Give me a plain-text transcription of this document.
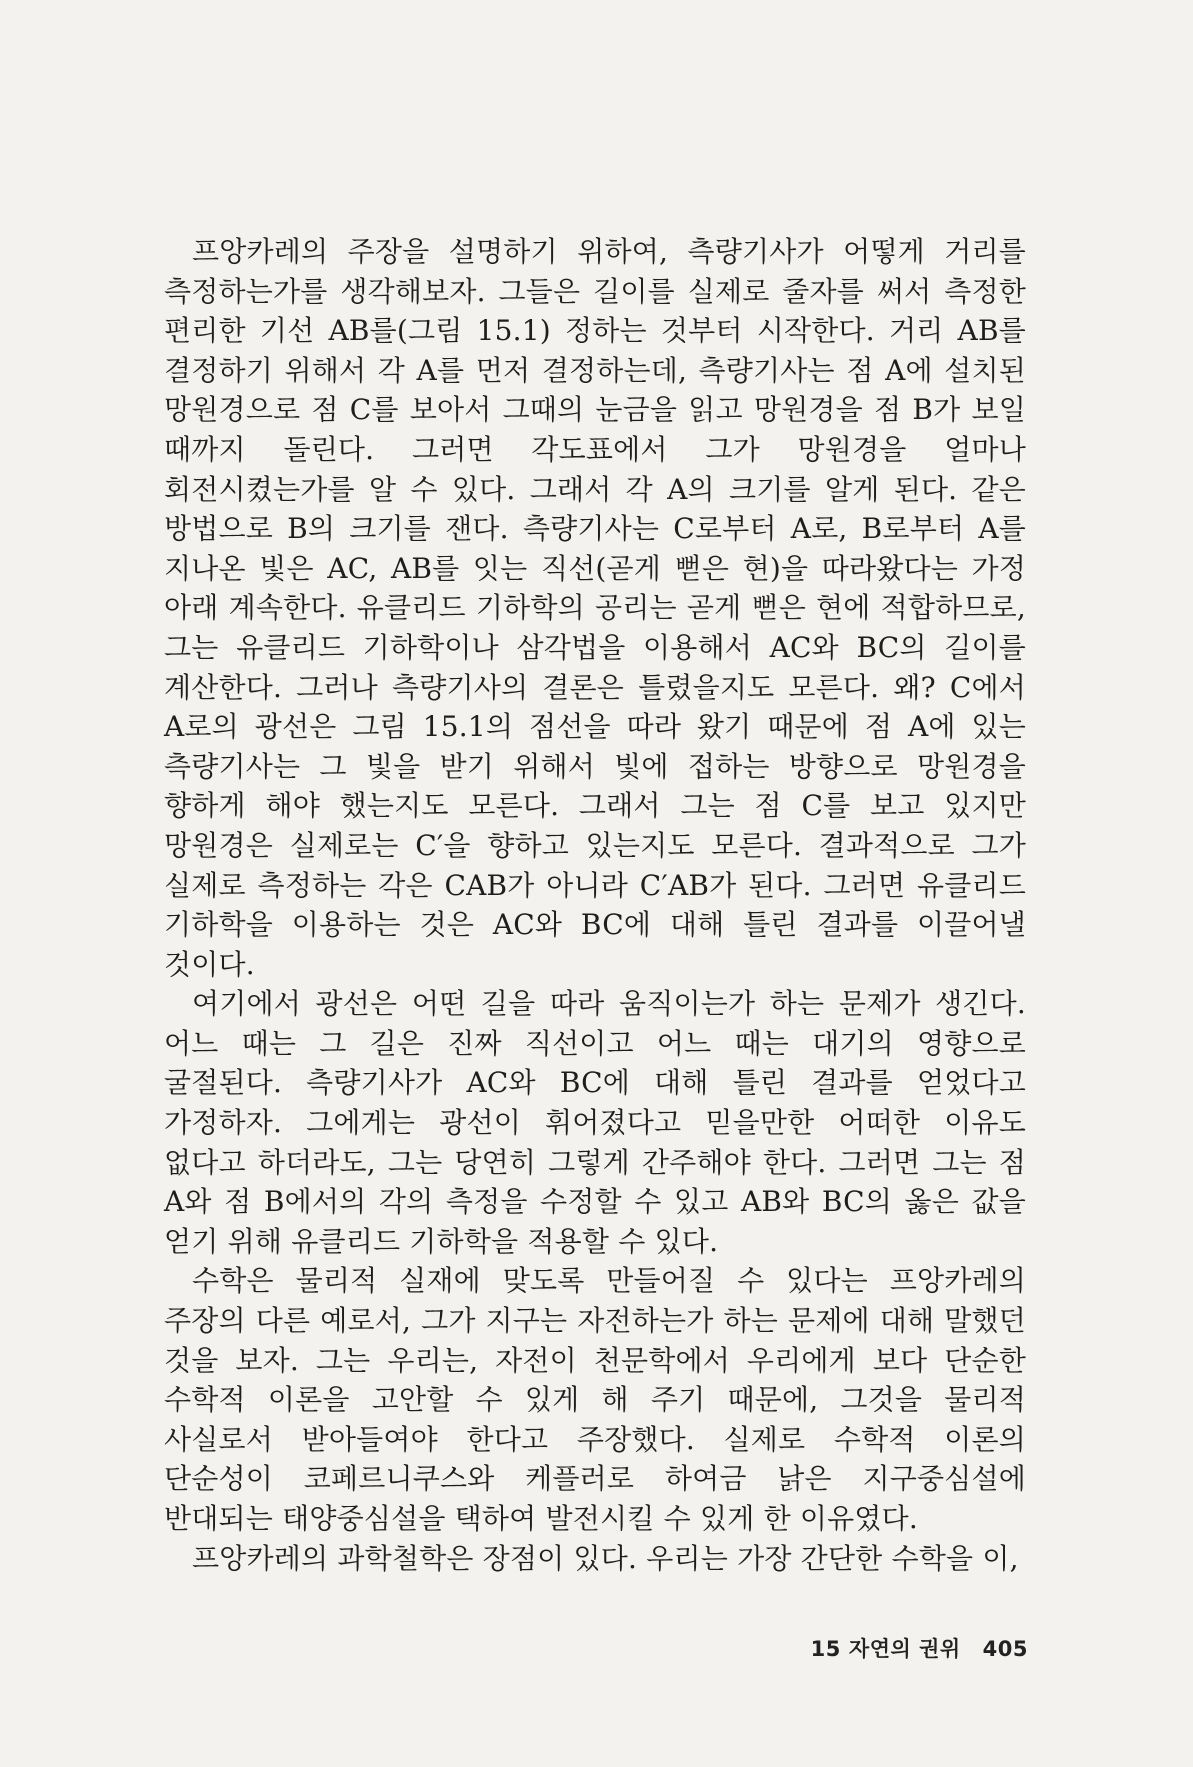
프앙카레의 주장을 설명하기 위하여, 측량기사가 어떻게 거리를 측정하는가를 생각해보자. 그들은 길이를 실제로 줄자를 써서 측정한 편리한 기선 AB를(그림 15.1) 정하는 것부터 시작한다. 거리 AB를 결정하기 위해서 각 A를 먼저 결정하는데, 측량기사는 점 A에 설치된 망원경으로 점 C를 보아서 그때의 눈금을 읽고 망원경을 점 B가 보일 때까지 돌린다. 그러면 각도표에서 그가 망원경을 얼마나 회전시켰는가를 알 수 있다. 그래서 각 A의 크기를 알게 된다. 같은 방법으로 B의 크기를 잰다. 측량기사는 C로부터 A로, B로부터 A를 지나온 빛은 AC, AB를 잇는 직선(곧게 뻗은 현)을 따라왔다는 가정 아래 계속한다. 유클리드 기하학의 공리는 곧게 뻗은 현에 적합하므로, 그는 유클리드 기하학이나 삼각법을 이용해서 AC와 BC의 길이를 계산한다. 그러나 측량기사의 결론은 틀렸을지도 모른다. 왜? C에서 A로의 광선은 그림 15.1의 점선을 따라 왔기 때문에 점 A에 있는 측량기사는 그 빛을 받기 위해서 빛에 접하는 방향으로 망원경을 향하게 해야 했는지도 모른다. 그래서 그는 점 C를 보고 있지만 망원경은 실제로는 C′을 향하고 있는지도 모른다. 결과적으로 그가 실제로 측정하는 각은 CAB가 아니라 C′AB가 된다. 그러면 유클리드 기하학을 이용하는 것은 AC와 BC에 대해 틀린 결과를 이끌어낼 것이다.

여기에서 광선은 어떤 길을 따라 움직이는가 하는 문제가 생긴다. 어느 때는 그 길은 진짜 직선이고 어느 때는 대기의 영향으로 굴절된다. 측량기사가 AC와 BC에 대해 틀린 결과를 얻었다고 가정하자. 그에게는 광선이 휘어졌다고 믿을만한 어떠한 이유도 없다고 하더라도, 그는 당연히 그렇게 간주해야 한다. 그러면 그는 점 A와 점 B에서의 각의 측정을 수정할 수 있고 AB와 BC의 옳은 값을 얻기 위해 유클리드 기하학을 적용할 수 있다.

수학은 물리적 실재에 맞도록 만들어질 수 있다는 프앙카레의 주장의 다른 예로서, 그가 지구는 자전하는가 하는 문제에 대해 말했던 것을 보자. 그는 우리는, 자전이 천문학에서 우리에게 보다 단순한 수학적 이론을 고안할 수 있게 해 주기 때문에, 그것을 물리적 사실로서 받아들여야 한다고 주장했다. 실제로 수학적 이론의 단순성이 코페르니쿠스와 케플러로 하여금 낡은 지구중심설에 반대되는 태양중심설을 택하여 발전시킬 수 있게 한 이유였다.

프앙카레의 과학철학은 장점이 있다. 우리는 가장 간단한 수학을 이,

15 자연의 권위 405
